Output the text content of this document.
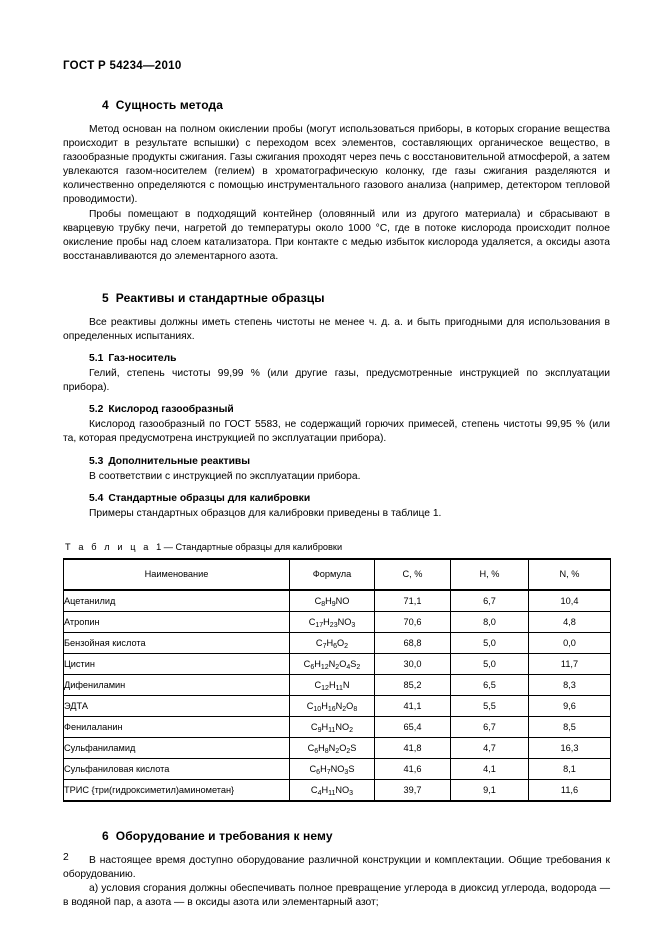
ГОСТ Р 54234—2010
4 Сущность метода

Метод основан на полном окислении пробы (могут использоваться приборы, в которых сгорание вещества происходит в результате вспышки) с переходом всех элементов, составляющих органическое вещество, в газообразные продукты сжигания. Газы сжигания проходят через печь с восстановительной атмосферой, а затем увлекаются газом-носителем (гелием) в хроматографическую колонку, где газы сжигания разделяются и количественно определяются с помощью инструментального газового анализа (например, детектором тепловой проводимости).

Пробы помещают в подходящий контейнер (оловянный или из другого материала) и сбрасывают в кварцевую трубку печи, нагретой до температуры около 1000 °С, где в потоке кислорода происходит полное окисление пробы над слоем катализатора. При контакте с медью избыток кислорода удаляется, а оксиды азота восстанавливаются до элементарного азота.

5 Реактивы и стандартные образцы

Все реактивы должны иметь степень чистоты не менее ч. д. а. и быть пригодными для использования в определенных испытаниях.

5.1 Газ-носитель

Гелий, степень чистоты 99,99 % (или другие газы, предусмотренные инструкцией по эксплуатации прибора).

5.2 Кислород газообразный

Кислород газообразный по ГОСТ 5583, не содержащий горючих примесей, степень чистоты 99,95 % (или та, которая предусмотрена инструкцией по эксплуатации прибора).

5.3 Дополнительные реактивы

В соответствии с инструкцией по эксплуатации прибора.

5.4 Стандартные образцы для калибровки

Примеры стандартных образцов для калибровки приведены в таблице 1.

Т а б л и ц а 1 — Стандартные образцы для калибровки
Наименование	Формула	C, %	H, %	N, %
Ацетанилид	$C_8H_9NO$	71,1	6,7	10,4
Атропин	$C_{17}H_{23}NO_3$	70,6	8,0	4,8
Бензойная кислота	$C_7H_6O_2$	68,8	5,0	0,0
Цистин	$C_6H_{12}N_2O_4S_2$	30,0	5,0	11,7
Дифениламин	$C_{12}H_{11}N$	85,2	6,5	8,3
ЭДТА	$C_{10}H_{16}N_2O_8$	41,1	5,5	9,6
Фенилаланин	$C_9H_{11}NO_2$	65,4	6,7	8,5
Сульфаниламид	$C_6H_8N_2O_2S$	41,8	4,7	16,3
Сульфаниловая кислота	$C_6H_7NO_3S$	41,6	4,1	8,1
ТРИС {три(гидроксиметил)аминометан}	$C_4H_{11}NO_3$	39,7	9,1	11,6
6 Оборудование и требования к нему

В настоящее время доступно оборудование различной конструкции и комплектации. Общие требования к оборудованию.

а) условия сгорания должны обеспечивать полное превращение углерода в диоксид углерода, водорода — в водяной пар, а азота — в оксиды азота или элементарный азот;

2
